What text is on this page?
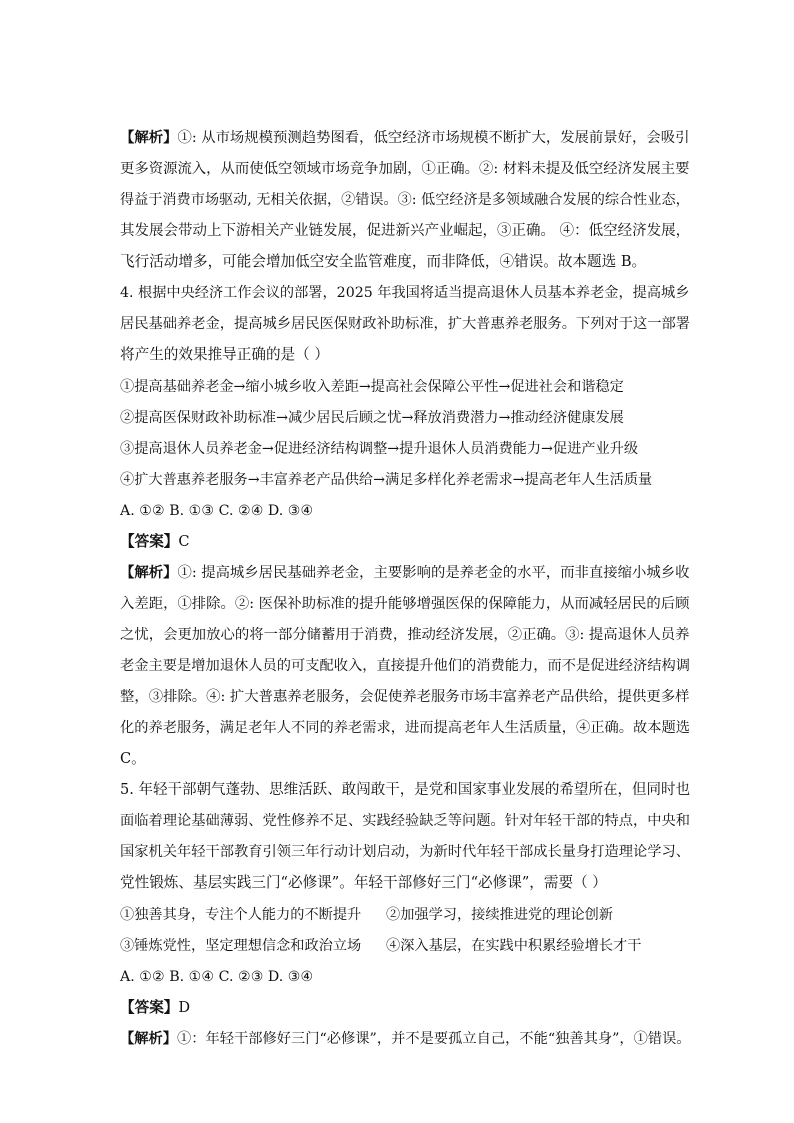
【解析】①: 从市场规模预测趋势图看，低空经济市场规模不断扩大，发展前景好，会吸引
更多资源流入，从而使低空领域市场竞争加剧，①正确。②: 材料未提及低空经济发展主要
得益于消费市场驱动, 无相关依据，②错误。③: 低空经济是多领域融合发展的综合性业态，
其发展会带动上下游相关产业链发展，促进新兴产业崛起，③正确。 ④：低空经济发展，
飞行活动增多，可能会增加低空安全监管难度，而非降低，④错误。故本题选 B。
4. 根据中央经济工作会议的部署，2025 年我国将适当提高退休人员基本养老金，提高城乡
居民基础养老金，提高城乡居民医保财政补助标准，扩大普惠养老服务。下列对于这一部署
将产生的效果推导正确的是（ ）
①提高基础养老金→缩小城乡收入差距→提高社会保障公平性→促进社会和谐稳定
②提高医保财政补助标准→减少居民后顾之忧→释放消费潜力→推动经济健康发展
③提高退休人员养老金→促进经济结构调整→提升退休人员消费能力→促进产业升级
④扩大普惠养老服务→丰富养老产品供给→满足多样化养老需求→提高老年人生活质量
A. ①② B. ①③ C. ②④ D. ③④
【答案】C
【解析】①: 提高城乡居民基础养老金，主要影响的是养老金的水平，而非直接缩小城乡收
入差距，①排除。②: 医保补助标准的提升能够增强医保的保障能力，从而减轻居民的后顾
之忧，会更加放心的将一部分储蓄用于消费，推动经济发展，②正确。③: 提高退休人员养
老金主要是增加退休人员的可支配收入，直接提升他们的消费能力，而不是促进经济结构调
整，③排除。④: 扩大普惠养老服务，会促使养老服务市场丰富养老产品供给，提供更多样
化的养老服务，满足老年人不同的养老需求，进而提高老年人生活质量，④正确。故本题选
C。
5. 年轻干部朝气蓬勃、思维活跃、敢闯敢干，是党和国家事业发展的希望所在，但同时也
面临着理论基础薄弱、党性修养不足、实践经验缺乏等问题。针对年轻干部的特点，中央和
国家机关年轻干部教育引领三年行动计划启动，为新时代年轻干部成长量身打造理论学习、
党性锻炼、基层实践三门“必修课”。年轻干部修好三门“必修课”，需要（ ）
①独善其身，专注个人能力的不断提升 ②加强学习，接续推进党的理论创新
③锤炼党性，坚定理想信念和政治立场 ④深入基层，在实践中积累经验增长才干
A. ①② B. ①④ C. ②③ D. ③④
【答案】D
【解析】①：年轻干部修好三门“必修课”，并不是要孤立自己，不能“独善其身”，①错误。
